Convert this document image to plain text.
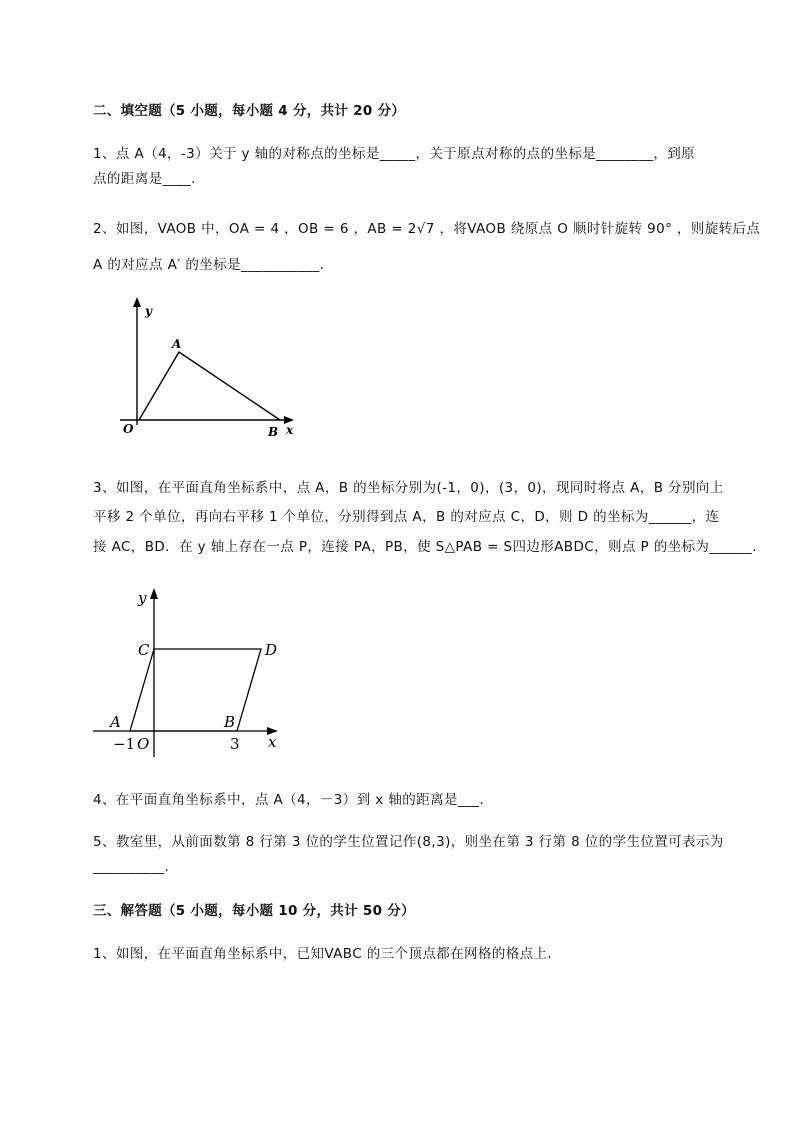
二、填空题（5 小题，每小题 4 分，共计 20 分）
1、点 A（4，-3）关于 y 轴的对称点的坐标是_____，关于原点对称的点的坐标是________，到原
点的距离是____.
2、如图，VAOB 中，OA = 4 ，OB = 6 ，AB = 2√7 ，将VAOB 绕原点 O 顺时针旋转 90° ，则旋转后点
A 的对应点 A′ 的坐标是___________.
y
x
O
A
B
3、如图，在平面直角坐标系中，点 A，B 的坐标分别为(-1，0)，(3，0)，现同时将点 A，B 分别向上
平移 2 个单位，再向右平移 1 个单位，分别得到点 A，B 的对应点 C，D，则 D 的坐标为______，连
接 AC，BD．在 y 轴上存在一点 P，连接 PA，PB，使 S△PAB = S四边形ABDC，则点 P 的坐标为______.
y
x
O
C	D
A	B
−1	3
4、在平面直角坐标系中，点 A（4，－3）到 x 轴的距离是___.
5、教室里，从前面数第 8 行第 3 位的学生位置记作(8,3)，则坐在第 3 行第 8 位的学生位置可表示为
__________.
三、解答题（5 小题，每小题 10 分，共计 50 分）
1、如图，在平面直角坐标系中，已知VABC 的三个顶点都在网格的格点上．
